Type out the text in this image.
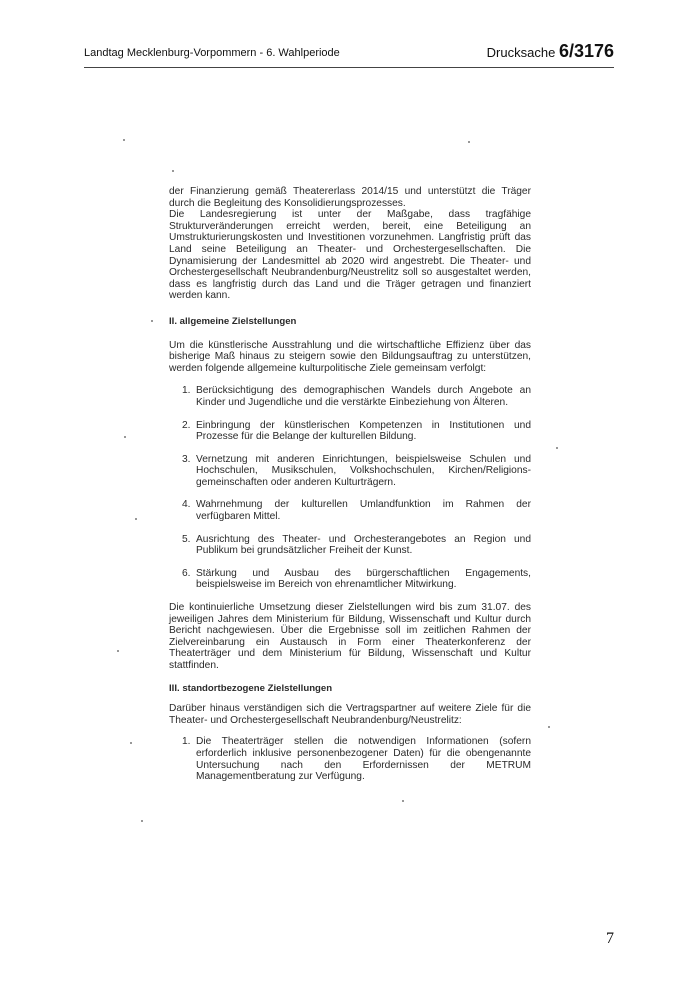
Landtag Mecklenburg-Vorpommern - 6. Wahlperiode	Drucksache 6/3176

der Finanzierung gemäß Theatererlass 2014/15 und unterstützt die Träger durch die Begleitung des Konsolidierungsprozesses.

Die Landesregierung ist unter der Maßgabe, dass tragfähige Strukturveränderungen erreicht werden, bereit, eine Beteiligung an Umstrukturierungskosten und Investitionen vorzunehmen. Langfristig prüft das Land seine Beteiligung an Theater- und Orchestergesellschaften. Die Dynamisierung der Landesmittel ab 2020 wird angestrebt. Die Theater- und Orchestergesellschaft Neubrandenburg/Neustrelitz soll so ausgestaltet werden, dass es langfristig durch das Land und die Träger getragen und finanziert werden kann.

II. allgemeine Zielstellungen

Um die künstlerische Ausstrahlung und die wirtschaftliche Effizienz über das bisherige Maß hinaus zu steigern sowie den Bildungsauftrag zu unterstützen, werden folgende allgemeine kulturpolitische Ziele gemeinsam verfolgt:

1. Berücksichtigung des demographischen Wandels durch Angebote an Kinder und Jugendliche und die verstärkte Einbeziehung von Älteren.
2. Einbringung der künstlerischen Kompetenzen in Institutionen und Prozesse für die Belange der kulturellen Bildung.
3. Vernetzung mit anderen Einrichtungen, beispielsweise Schulen und Hochschulen, Musikschulen, Volkshochschulen, Kirchen/Religions-gemeinschaften oder anderen Kulturträgern.
4. Wahrnehmung der kulturellen Umlandfunktion im Rahmen der verfügbaren Mittel.
5. Ausrichtung des Theater- und Orchesterangebotes an Region und Publikum bei grundsätzlicher Freiheit der Kunst.
6. Stärkung und Ausbau des bürgerschaftlichen Engagements, beispielsweise im Bereich von ehrenamtlicher Mitwirkung.

Die kontinuierliche Umsetzung dieser Zielstellungen wird bis zum 31.07. des jeweiligen Jahres dem Ministerium für Bildung, Wissenschaft und Kultur durch Bericht nachgewiesen. Über die Ergebnisse soll im zeitlichen Rahmen der Zielvereinbarung ein Austausch in Form einer Theaterkonferenz der Theaterträger und dem Ministerium für Bildung, Wissenschaft und Kultur stattfinden.

III. standortbezogene Zielstellungen

Darüber hinaus verständigen sich die Vertragspartner auf weitere Ziele für die Theater- und Orchestergesellschaft Neubrandenburg/Neustrelitz:

1. Die Theaterträger stellen die notwendigen Informationen (sofern erforderlich inklusive personenbezogener Daten) für die obengenannte Untersuchung nach den Erfordernissen der METRUM Managementberatung zur Verfügung.
7
